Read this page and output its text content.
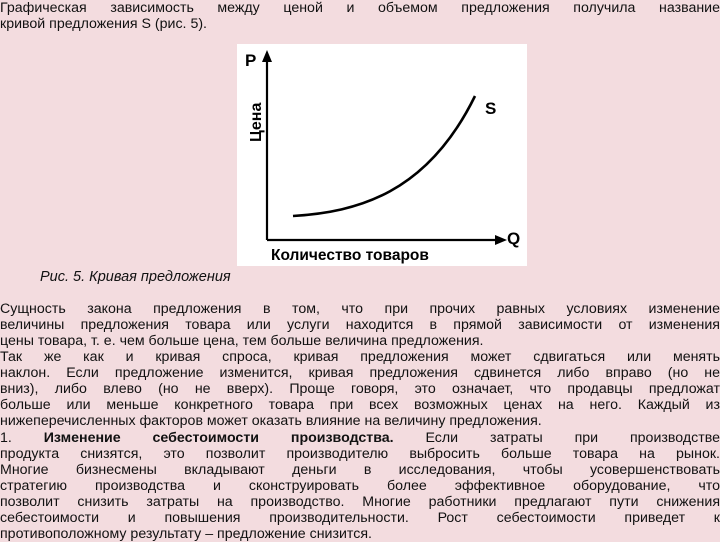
Графическая зависимость между ценой и объемом предложения получила название
кривой предложения S (рис. 5).
P
Цена
Q
Количество товаров
S
Рис. 5. Кривая предложения
Сущность закона предложения в том, что при прочих равных условиях изменение
величины предложения товара или услуги находится в прямой зависимости от изменения
цены товара, т. е. чем больше цена, тем больше величина предложения.
Так же как и кривая спроса, кривая предложения может сдвигаться или менять
наклон. Если предложение изменится, кривая предложения сдвинется либо вправо (но не
вниз), либо влево (но не вверх). Проще говоря, это означает, что продавцы предложат
больше или меньше конкретного товара при всех возможных ценах на него. Каждый из
нижеперечисленных факторов может оказать влияние на величину предложения.
1. Изменение себестоимости производства. Если затраты при производстве
продукта снизятся, это позволит производителю выбросить больше товара на рынок.
Многие бизнесмены вкладывают деньги в исследования, чтобы усовершенствовать
стратегию производства и сконструировать более эффективное оборудование, что
позволит снизить затраты на производство. Многие работники предлагают пути снижения
себестоимости и повышения производительности. Рост себестоимости приведет к
противоположному результату – предложение снизится.
